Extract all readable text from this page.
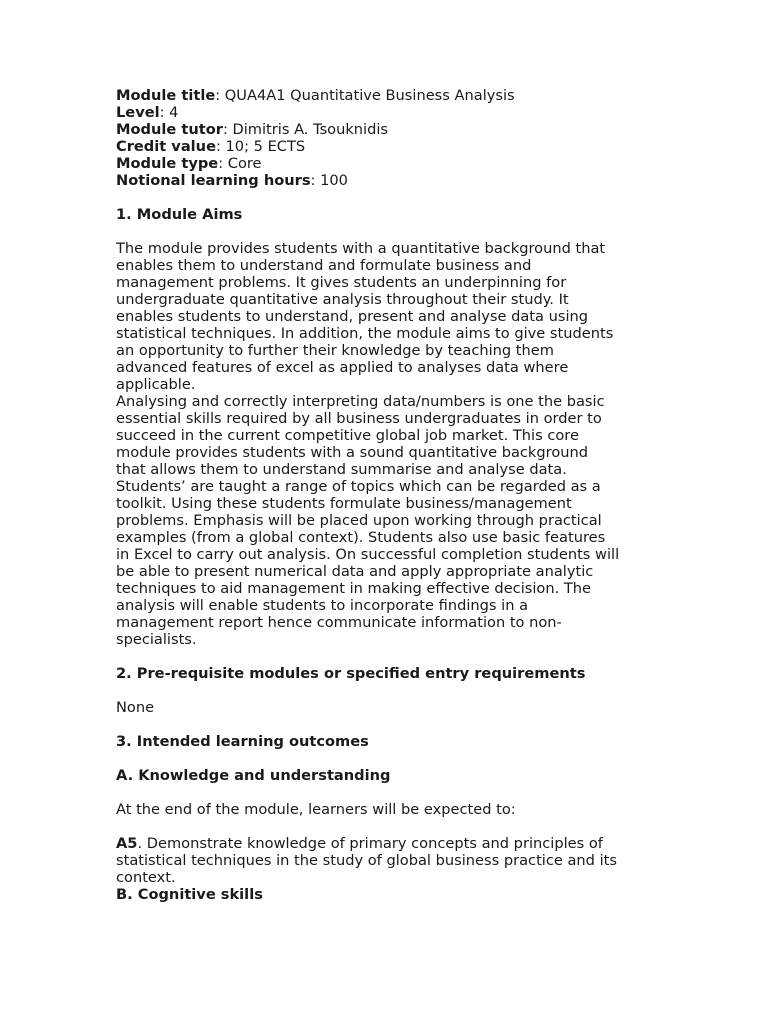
Module title: QUA4A1 Quantitative Business Analysis

Level: 4

Module tutor: Dimitris A. Tsouknidis

Credit value: 10; 5 ECTS

Module type: Core

Notional learning hours: 100

1. Module Aims

The module provides students with a quantitative background that
enables them to understand and formulate business and
management problems. It gives students an underpinning for
undergraduate quantitative analysis throughout their study. It
enables students to understand, present and analyse data using
statistical techniques. In addition, the module aims to give students
an opportunity to further their knowledge by teaching them
advanced features of excel as applied to analyses data where
applicable.

Analysing and correctly interpreting data/numbers is one the basic
essential skills required by all business undergraduates in order to
succeed in the current competitive global job market. This core
module provides students with a sound quantitative background
that allows them to understand summarise and analyse data.
Students’ are taught a range of topics which can be regarded as a
toolkit. Using these students formulate business/management
problems. Emphasis will be placed upon working through practical
examples (from a global context). Students also use basic features
in Excel to carry out analysis. On successful completion students will
be able to present numerical data and apply appropriate analytic
techniques to aid management in making effective decision. The
analysis will enable students to incorporate findings in a
management report hence communicate information to non-
specialists.

2. Pre-requisite modules or specified entry requirements

None

3. Intended learning outcomes

A. Knowledge and understanding

At the end of the module, learners will be expected to:

A5. Demonstrate knowledge of primary concepts and principles of
statistical techniques in the study of global business practice and its
context.

B. Cognitive skills
